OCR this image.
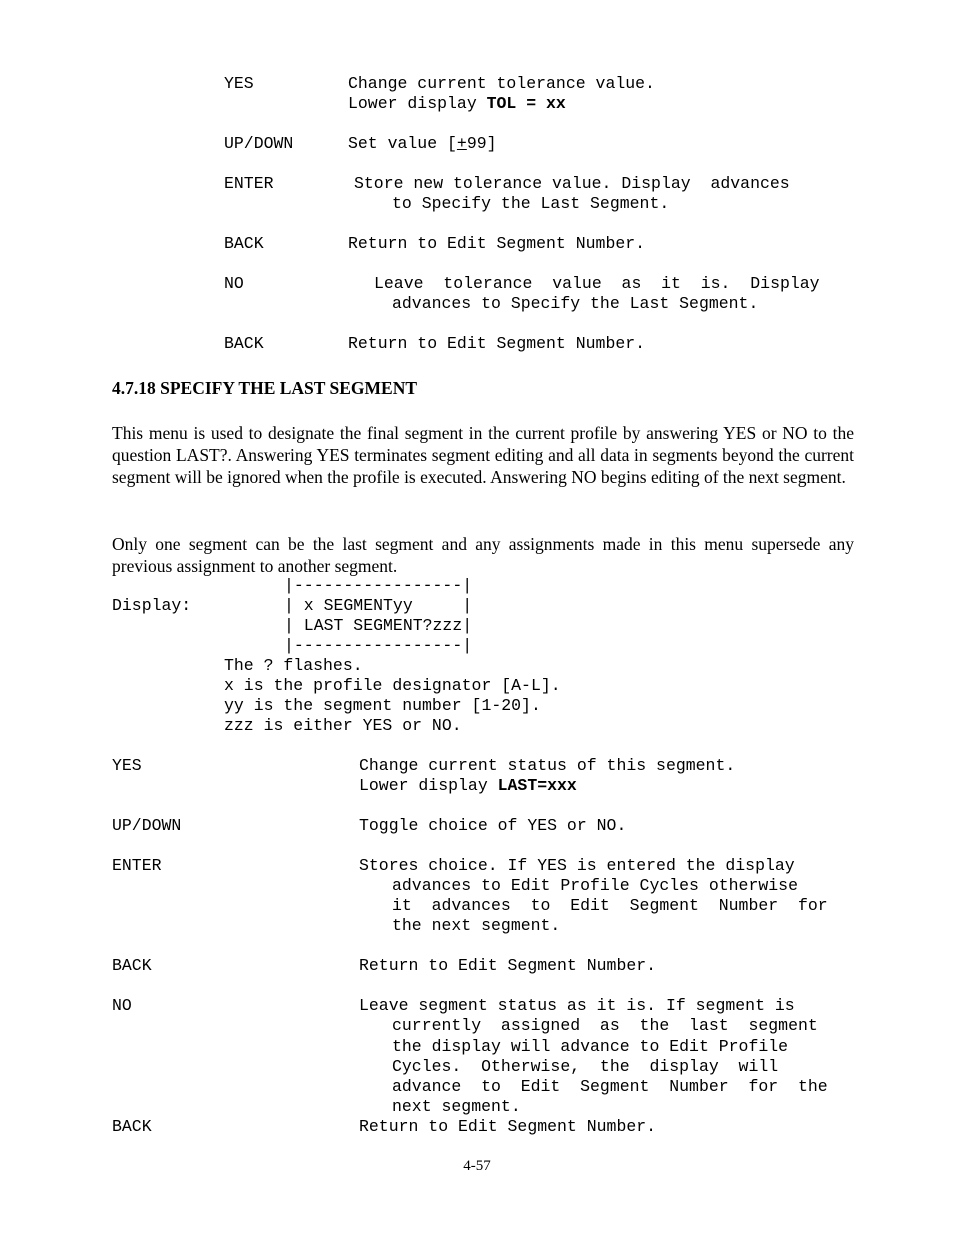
YES	Change current tolerance value.
Lower display TOL = xx
UP/DOWN	Set value [+99]
ENTER	Store new tolerance value. Display  advances
to Specify the Last Segment.
BACK	Return to Edit Segment Number.
NO	Leave  tolerance  value  as  it  is.  Display
advances to Specify the Last Segment.
BACK	Return to Edit Segment Number.
4.7.18 SPECIFY THE LAST SEGMENT
This menu is used to designate the final segment in the current profile by answering YES or NO to the question LAST?. Answering YES terminates segment editing and all data in segments beyond the current segment will be ignored when the profile is executed. Answering NO begins editing of the next segment.
Only one segment can be the last segment and any assignments made in this menu supersede any previous assignment to another segment.
|-----------------|
Display:	| x SEGMENTyy     |
| LAST SEGMENT?zzz|
|-----------------|
The ? flashes.
x is the profile designator [A-L].
yy is the segment number [1-20].
zzz is either YES or NO.
YES	Change current status of this segment.
Lower display LAST=xxx
UP/DOWN	Toggle choice of YES or NO.
ENTER	Stores choice. If YES is entered the display
advances to Edit Profile Cycles otherwise
it  advances  to  Edit  Segment  Number  for
the next segment.
BACK	Return to Edit Segment Number.
NO	Leave segment status as it is. If segment is
currently  assigned  as  the  last  segment
the display will advance to Edit Profile
Cycles.  Otherwise,  the  display  will
advance  to  Edit  Segment  Number  for  the
next segment.
BACK	Return to Edit Segment Number.
4-57
